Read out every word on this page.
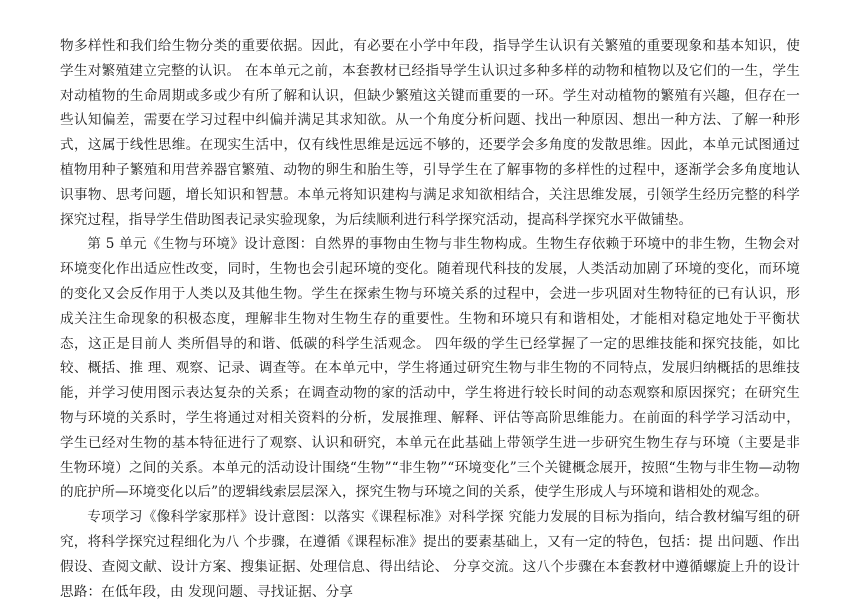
物多样性和我们给生物分类的重要依据。因此，有必要在小学中年段，指导学生认识有关繁殖的重要现象和基本知识，使学生对繁殖建立完整的认识。 在本单元之前，本套教材已经指导学生认识过多种多样的动物和植物以及它们的一生，学生对动植物的生命周期或多或少有所了解和认识，但缺少繁殖这关键而重要的一环。学生对动植物的繁殖有兴趣，但存在一些认知偏差，需要在学习过程中纠偏并满足其求知欲。从一个角度分析问题、找出一种原因、想出一种方法、了解一种形式，这属于线性思维。在现实生活中，仅有线性思维是远远不够的，还要学会多角度的发散思维。因此，本单元试图通过植物用种子繁殖和用营养器官繁殖、动物的卵生和胎生等，引导学生在了解事物的多样性的过程中，逐渐学会多角度地认识事物、思考问题，增长知识和智慧。本单元将知识建构与满足求知欲相结合，关注思维发展，引领学生经历完整的科学探究过程，指导学生借助图表记录实验现象，为后续顺利进行科学探究活动，提高科学探究水平做铺垫。

第 5 单元《生物与环境》设计意图：自然界的事物由生物与非生物构成。生物生存依赖于环境中的非生物，生物会对环境变化作出适应性改变，同时，生物也会引起环境的变化。随着现代科技的发展，人类活动加剧了环境的变化，而环境的变化又会反作用于人类以及其他生物。学生在探索生物与环境关系的过程中，会进一步巩固对生物特征的已有认识，形成关注生命现象的积极态度，理解非生物对生物生存的重要性。生物和环境只有和谐相处，才能相对稳定地处于平衡状态，这正是目前人 类所倡导的和谐、低碳的科学生活观念。 四年级的学生已经掌握了一定的思维技能和探究技能，如比较、概括、推 理、观察、记录、调查等。在本单元中，学生将通过研究生物与非生物的不同特点，发展归纳概括的思维技能，并学习使用图示表达复杂的关系；在调查动物的家的活动中，学生将进行较长时间的动态观察和原因探究；在研究生物与环境的关系时，学生将通过对相关资料的分析，发展推理、解释、评估等高阶思维能力。在前面的科学学习活动中，学生已经对生物的基本特征进行了观察、认识和研究，本单元在此基础上带领学生进一步研究生物生存与环境（主要是非生物环境）之间的关系。本单元的活动设计围绕“生物”“非生物”“环境变化”三个关键概念展开，按照“生物与非生物—动物的庇护所—环境变化以后”的逻辑线索层层深入，探究生物与环境之间的关系，使学生形成人与环境和谐相处的观念。

专项学习《像科学家那样》设计意图：以落实《课程标准》对科学探 究能力发展的目标为指向，结合教材编写组的研究，将科学探究过程细化为八 个步骤，在遵循《课程标准》提出的要素基础上，又有一定的特色，包括：提 出问题、作出假设、查阅文献、设计方案、搜集证据、处理信息、得出结论、 分享交流。这八个步骤在本套教材中遵循螺旋上升的设计思路：在低年段，由 发现问题、寻找证据、分享
